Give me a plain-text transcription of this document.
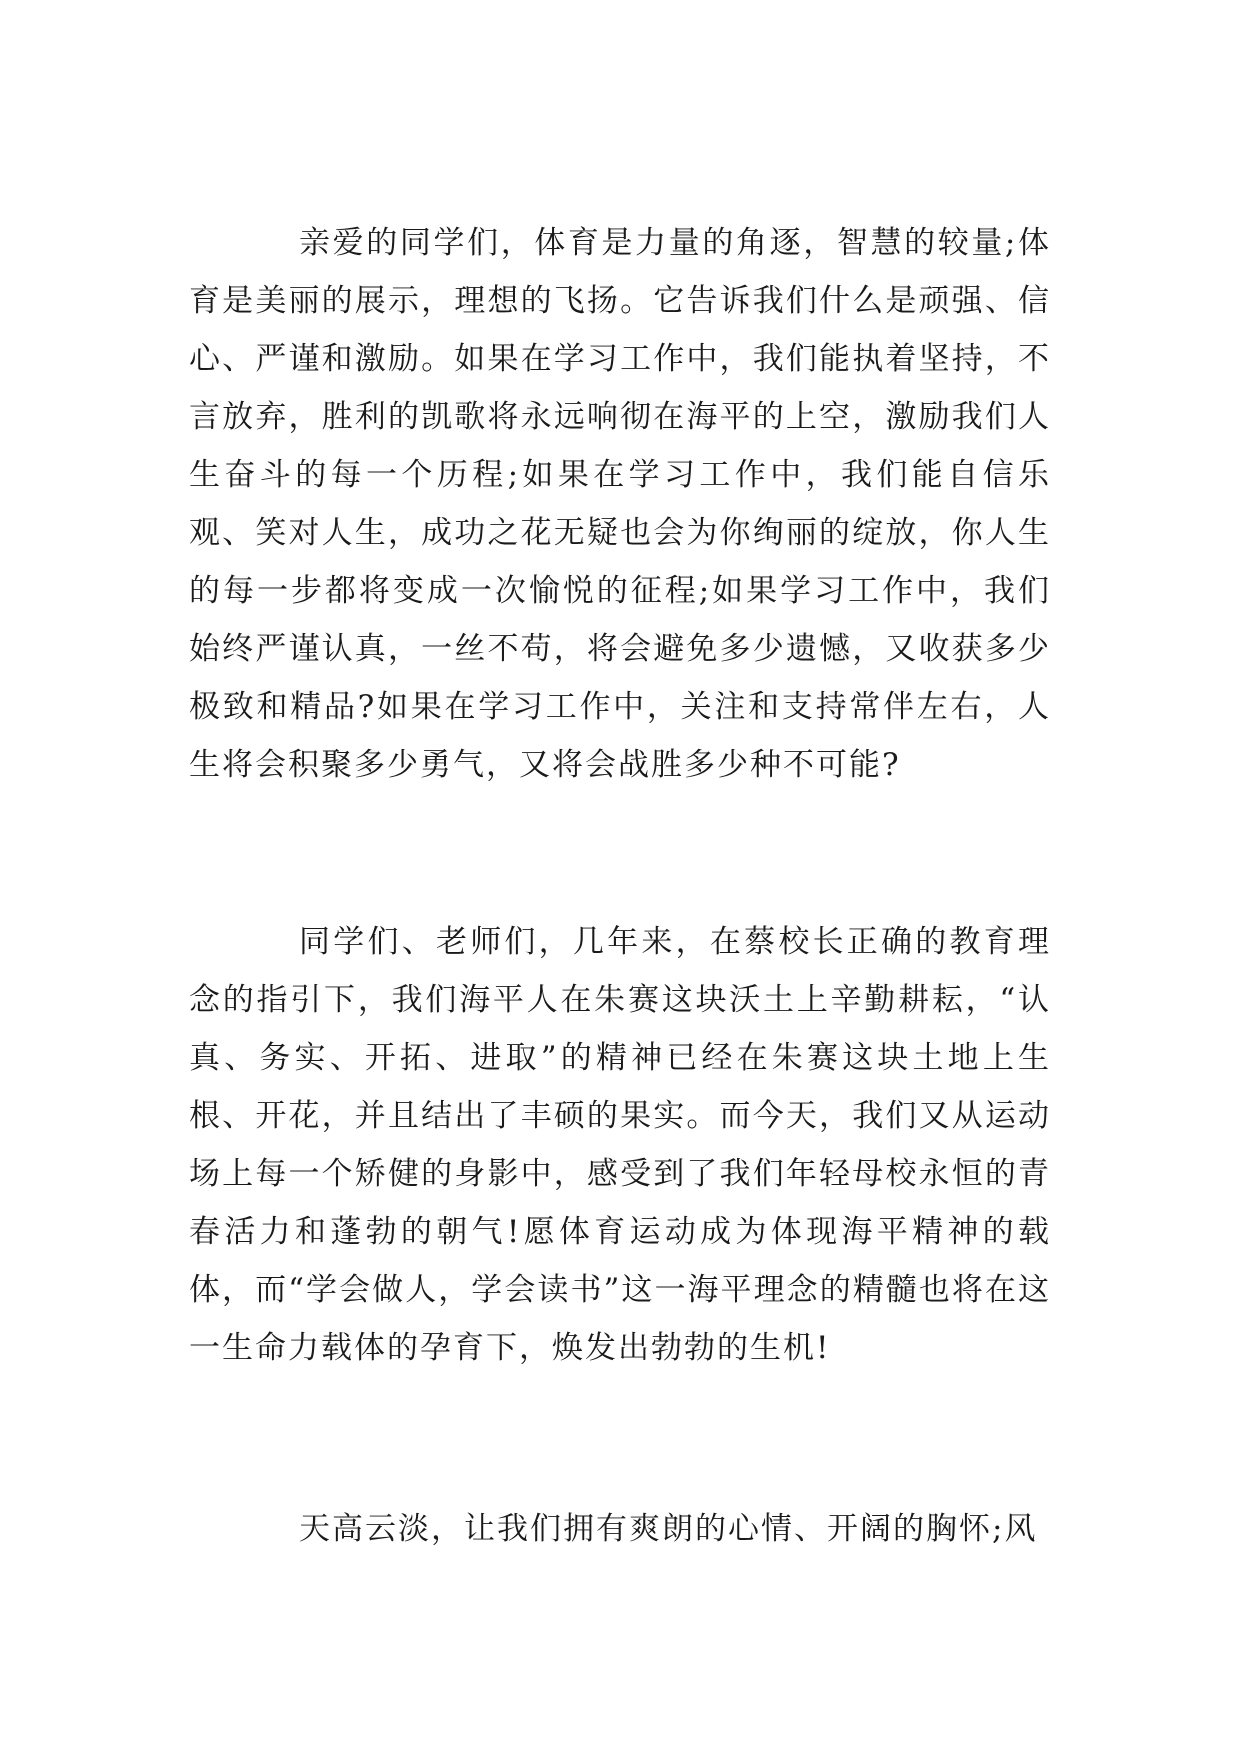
亲爱的同学们，体育是力量的角逐，智慧的较量;体育是美丽的展示，理想的飞扬。它告诉我们什么是顽强、信心、严谨和激励。如果在学习工作中，我们能执着坚持，不言放弃，胜利的凯歌将永远响彻在海平的上空，激励我们人生奋斗的每一个历程;如果在学习工作中，我们能自信乐观、笑对人生，成功之花无疑也会为你绚丽的绽放，你人生的每一步都将变成一次愉悦的征程;如果学习工作中，我们始终严谨认真，一丝不苟，将会避免多少遗憾，又收获多少极致和精品?如果在学习工作中，关注和支持常伴左右，人生将会积聚多少勇气，又将会战胜多少种不可能?

同学们、老师们，几年来，在蔡校长正确的教育理念的指引下，我们海平人在朱赛这块沃土上辛勤耕耘，“认真、务实、开拓、进取”的精神已经在朱赛这块土地上生根、开花，并且结出了丰硕的果实。而今天，我们又从运动场上每一个矫健的身影中，感受到了我们年轻母校永恒的青春活力和蓬勃的朝气!愿体育运动成为体现海平精神的载体，而“学会做人，学会读书”这一海平理念的精髓也将在这一生命力载体的孕育下，焕发出勃勃的生机!

天高云淡，让我们拥有爽朗的心情、开阔的胸怀;风
